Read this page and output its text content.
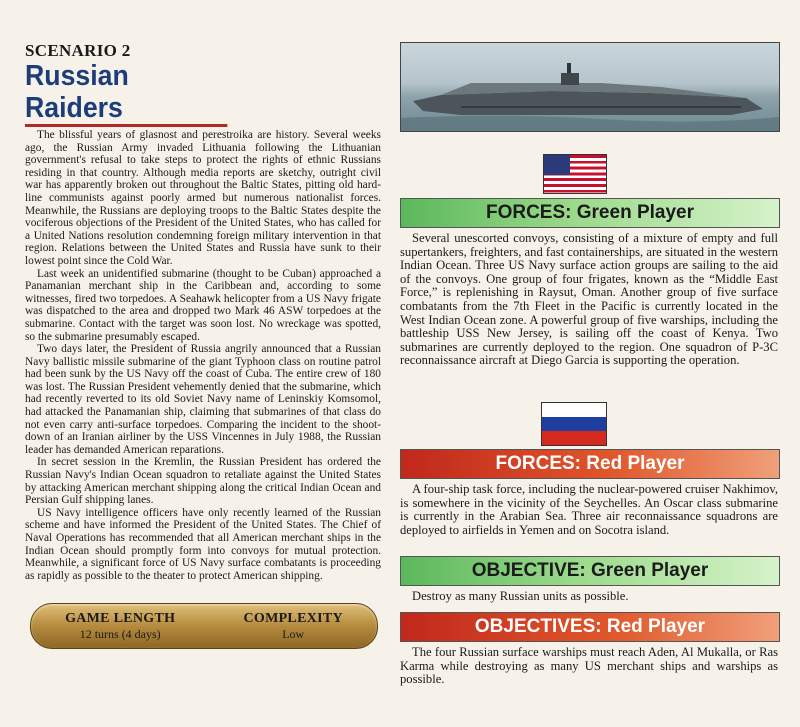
SCENARIO 2
Russian Raiders

The blissful years of glasnost and perestroika are history. Several weeks ago, the Russian Army invaded Lithuania following the Lithuanian government's refusal to take steps to protect the rights of ethnic Russians residing in that country. Although media reports are sketchy, outright civil war has apparently broken out throughout the Baltic States, pitting old hard-line communists against poorly armed but numerous nationalist forces. Meanwhile, the Russians are deploying troops to the Baltic States despite the vociferous objections of the President of the United States, who has called for a United Nations resolution condemning foreign military intervention in that region. Relations between the United States and Russia have sunk to their lowest point since the Cold War.

Last week an unidentified submarine (thought to be Cuban) approached a Panamanian merchant ship in the Caribbean and, according to some witnesses, fired two torpedoes. A Seahawk helicopter from a US Navy frigate was dispatched to the area and dropped two Mark 46 ASW torpedoes at the submarine. Contact with the target was soon lost. No wreckage was spotted, so the submarine presumably escaped.

Two days later, the President of Russia angrily announced that a Russian Navy ballistic missile submarine of the giant Typhoon class on routine patrol had been sunk by the US Navy off the coast of Cuba. The entire crew of 180 was lost. The Russian President vehemently denied that the submarine, which had recently reverted to its old Soviet Navy name of Leninskiy Komsomol, had attacked the Panamanian ship, claiming that submarines of that class do not even carry anti-surface torpedoes. Comparing the incident to the shoot-down of an Iranian airliner by the USS Vincennes in July 1988, the Russian leader has demanded American reparations.

In secret session in the Kremlin, the Russian President has ordered the Russian Navy's Indian Ocean squadron to retaliate against the United States by attacking American merchant shipping along the critical Indian Ocean and Persian Gulf shipping lanes.

US Navy intelligence officers have only recently learned of the Russian scheme and have informed the President of the United States. The Chief of Naval Operations has recommended that all American merchant ships in the Indian Ocean should promptly form into convoys for mutual protection. Meanwhile, a significant force of US Navy surface combatants is proceeding as rapidly as possible to the theater to protect American shipping.

GAME LENGTH
12 turns (4 days)
COMPLEXITY
Low
FORCES: Green Player

Several unescorted convoys, consisting of a mixture of empty and full supertankers, freighters, and fast containerships, are situated in the western Indian Ocean. Three US Navy surface action groups are sailing to the aid of the convoys. One group of four frigates, known as the “Middle East Force,” is replenishing in Raysut, Oman. Another group of five surface combatants from the 7th Fleet in the Pacific is currently located in the West Indian Ocean zone. A powerful group of five warships, including the battleship USS New Jersey, is sailing off the coast of Kenya. Two submarines are currently deployed to the region. One squadron of P-3C reconnaissance aircraft at Diego Garcia is supporting the operation.

FORCES: Red Player

A four-ship task force, including the nuclear-powered cruiser Nakhimov, is somewhere in the vicinity of the Seychelles. An Oscar class submarine is currently in the Arabian Sea. Three air reconnaissance squadrons are deployed to airfields in Yemen and on Socotra island.

OBJECTIVE: Green Player

Destroy as many Russian units as possible.

OBJECTIVES: Red Player

The four Russian surface warships must reach Aden, Al Mukalla, or Ras Karma while destroying as many US merchant ships and warships as possible.
